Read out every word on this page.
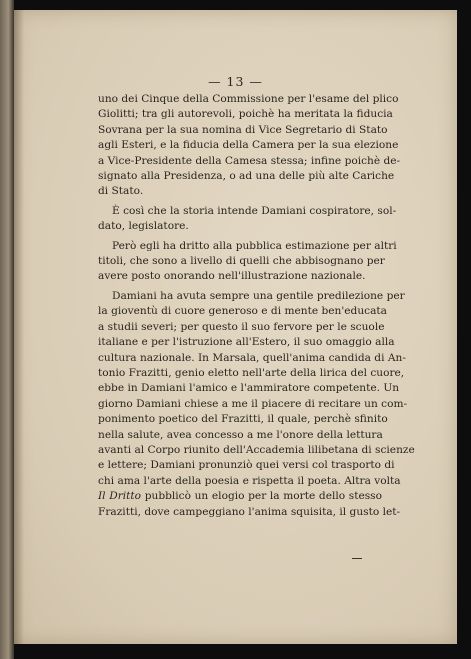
— 13 —

uno dei Cinque della Commissione per l'esame del plico
Giolitti; tra gli autorevoli, poichè ha meritata la fiducia
Sovrana per la sua nomina di Vice Segretario di Stato
agli Esteri, e la fiducia della Camera per la sua elezione
a Vice-Presidente della Camesa stessa; infine poichè de-
signato alla Presidenza, o ad una delle più alte Cariche
di Stato.

È così che la storia intende Damiani cospiratore, sol-
dato, legislatore.

Però egli ha dritto alla pubblica estimazione per altri
titoli, che sono a livello di quelli che abbisognano per
avere posto onorando nell'illustrazione nazionale.

Damiani ha avuta sempre una gentile predilezione per
la gioventù di cuore generoso e di mente ben'educata
a studii severi; per questo il suo fervore per le scuole
italiane e per l'istruzione all'Estero, il suo omaggio alla
cultura nazionale. In Marsala, quell'anima candida di An-
tonio Frazitti, genio eletto nell'arte della lirica del cuore,
ebbe in Damiani l'amico e l'ammiratore competente. Un
giorno Damiani chiese a me il piacere di recitare un com-
ponimento poetico del Frazitti, il quale, perchè sfinito
nella salute, avea concesso a me l'onore della lettura
avanti al Corpo riunito dell'Accademia lilibetana di scienze
e lettere; Damiani pronunziò quei versi col trasporto di
chi ama l'arte della poesia e rispetta il poeta. Altra volta
Il Dritto pubblicò un elogio per la morte dello stesso
Frazitti, dove campeggiano l'anima squisita, il gusto let-
